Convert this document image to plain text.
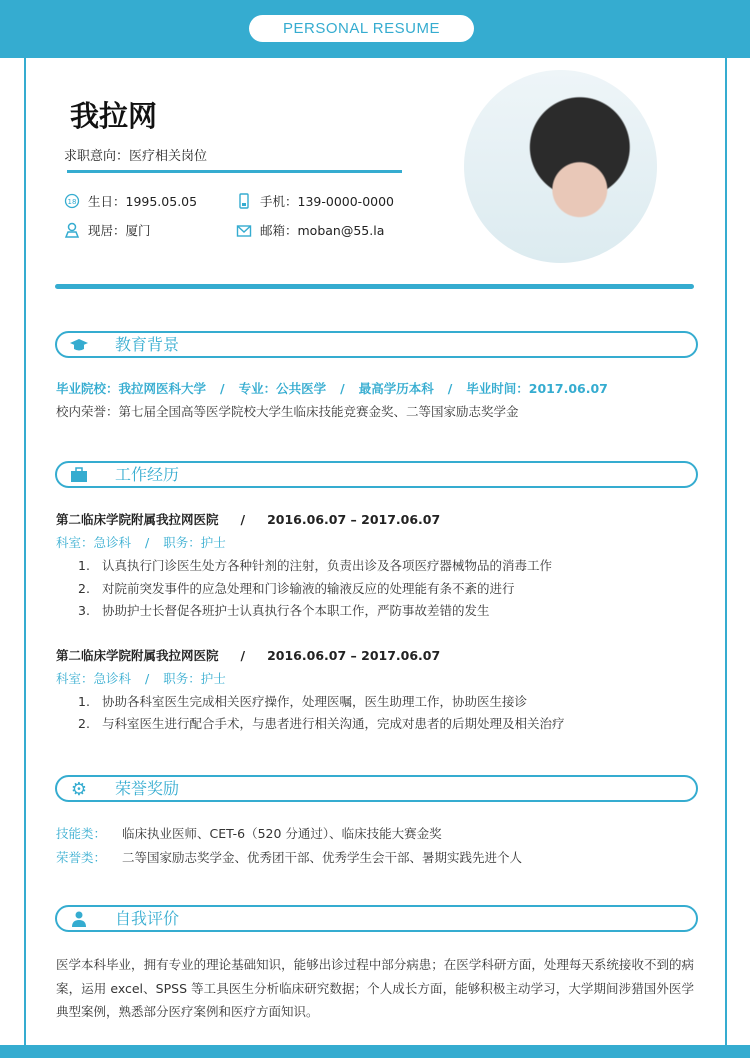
PERSONAL RESUME
我拉网
求职意向：医疗相关岗位
18 生日：1995.05.05
现居：厦门
手机：139-0000-0000
邮箱：moban@55.la
教育背景
毕业院校：我拉网医科大学 / 专业：公共医学 / 最高学历本科 / 毕业时间：2017.06.07
校内荣誉：第七届全国高等医学院校大学生临床技能竞赛金奖、二等国家励志奖学金
工作经历
第二临床学院附属我拉网医院 / 2016.06.07 – 2017.06.07
科室：急诊科 / 职务：护士
1. 认真执行门诊医生处方各种针剂的注射，负责出诊及各项医疗器械物品的消毒工作
2. 对院前突发事件的应急处理和门诊输液的输液反应的处理能有条不紊的进行
3. 协助护士长督促各班护士认真执行各个本职工作，严防事故差错的发生
第二临床学院附属我拉网医院 / 2016.06.07 – 2017.06.07
科室：急诊科 / 职务：护士
1. 协助各科室医生完成相关医疗操作，处理医嘱，医生助理工作，协助医生接诊
2. 与科室医生进行配合手术，与患者进行相关沟通，完成对患者的后期处理及相关治疗
⚙ 荣誉奖励
技能类： 临床执业医师、CET-6（520 分通过）、临床技能大赛金奖
荣誉类： 二等国家励志奖学金、优秀团干部、优秀学生会干部、暑期实践先进个人
自我评价
医学本科毕业，拥有专业的理论基础知识，能够出诊过程中部分病患；在医学科研方面，处理每天系统接收不到的病案，运用 excel、SPSS 等工具医生分析临床研究数据；个人成长方面，能够积极主动学习，大学期间涉猎国外医学典型案例，熟悉部分医疗案例和医疗方面知识。
